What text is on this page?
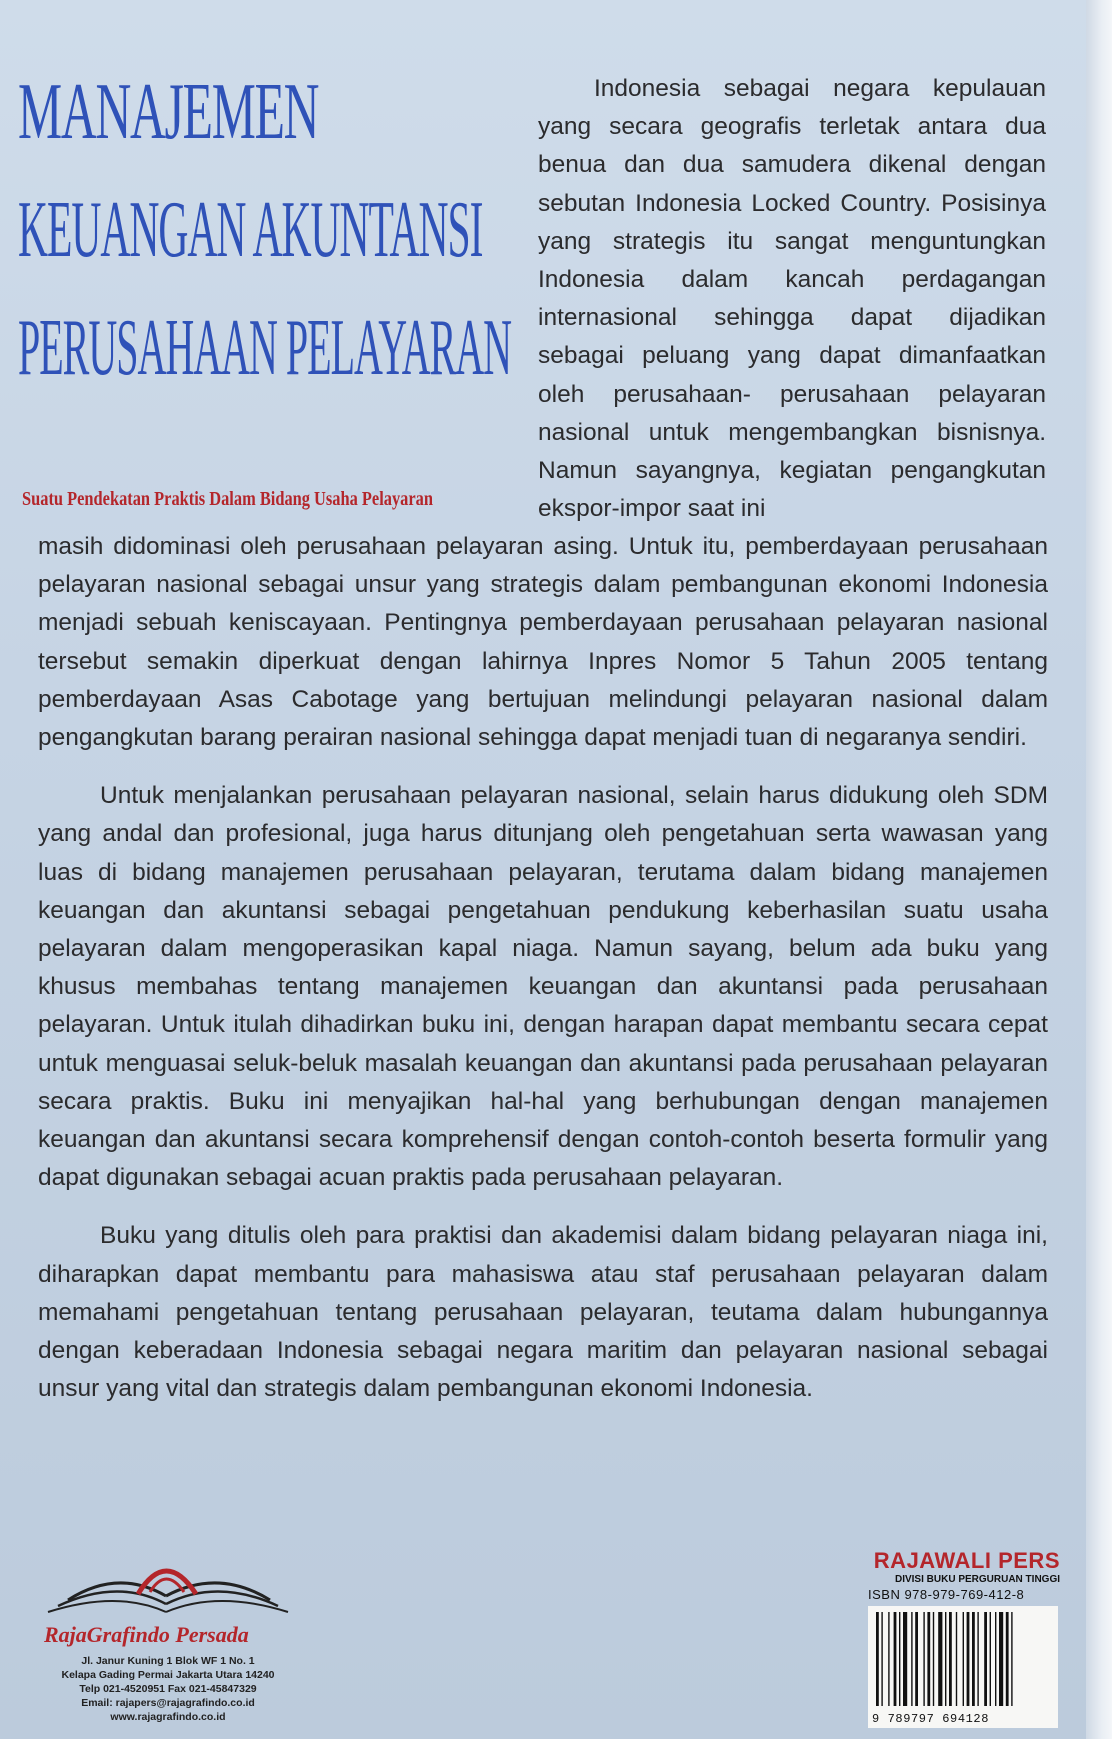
MANAJEMEN
KEUANGAN AKUNTANSI
PERUSAHAAN PELAYARAN
Suatu Pendekatan Praktis Dalam Bidang Usaha Pelayaran

Indonesia sebagai negara kepulauan yang secara geografis terletak antara dua benua dan dua samudera dikenal dengan sebutan Indonesia Locked Country. Posisinya yang strategis itu sangat menguntungkan Indonesia dalam kancah perdagangan internasional sehingga dapat dijadikan sebagai peluang yang dapat dimanfaatkan oleh perusahaan- perusahaan pelayaran nasional untuk mengembangkan bisnisnya. Namun sayangnya, kegiatan pengangkutan ekspor-impor saat ini

masih didominasi oleh perusahaan pelayaran asing. Untuk itu, pemberdayaan perusahaan pelayaran nasional sebagai unsur yang strategis dalam pembangunan ekonomi Indonesia menjadi sebuah keniscayaan. Pentingnya pemberdayaan perusahaan pelayaran nasional tersebut semakin diperkuat dengan lahirnya Inpres Nomor 5 Tahun 2005 tentang pemberdayaan Asas Cabotage yang bertujuan melindungi pelayaran nasional dalam pengangkutan barang perairan nasional sehingga dapat menjadi tuan di negaranya sendiri.

Untuk menjalankan perusahaan pelayaran nasional, selain harus didukung oleh SDM yang andal dan profesional, juga harus ditunjang oleh pengetahuan serta wawasan yang luas di bidang manajemen perusahaan pelayaran, terutama dalam bidang manajemen keuangan dan akuntansi sebagai pengetahuan pendukung keberhasilan suatu usaha pelayaran dalam mengoperasikan kapal niaga. Namun sayang, belum ada buku yang khusus membahas tentang manajemen keuangan dan akuntansi pada perusahaan pelayaran. Untuk itulah dihadirkan buku ini, dengan harapan dapat membantu secara cepat untuk menguasai seluk-beluk masalah keuangan dan akuntansi pada perusahaan pelayaran secara praktis. Buku ini menyajikan hal-hal yang berhubungan dengan manajemen keuangan dan akuntansi secara komprehensif dengan contoh-contoh beserta formulir yang dapat digunakan sebagai acuan praktis pada perusahaan pelayaran.

Buku yang ditulis oleh para praktisi dan akademisi dalam bidang pelayaran niaga ini, diharapkan dapat membantu para mahasiswa atau staf perusahaan pelayaran dalam memahami pengetahuan tentang perusahaan pelayaran, teutama dalam hubungannya dengan keberadaan Indonesia sebagai negara maritim dan pelayaran nasional sebagai unsur yang vital dan strategis dalam pembangunan ekonomi Indonesia.

RajaGrafindo Persada
Jl. Janur Kuning 1 Blok WF 1 No. 1
Kelapa Gading Permai Jakarta Utara 14240
Telp 021-4520951 Fax 021-45847329
Email: rajapers@rajagrafindo.co.id
www.rajagrafindo.co.id
RAJAWALI PERS
DIVISI BUKU PERGURUAN TINGGI
ISBN 978-979-769-412-8
9 789797 694128
